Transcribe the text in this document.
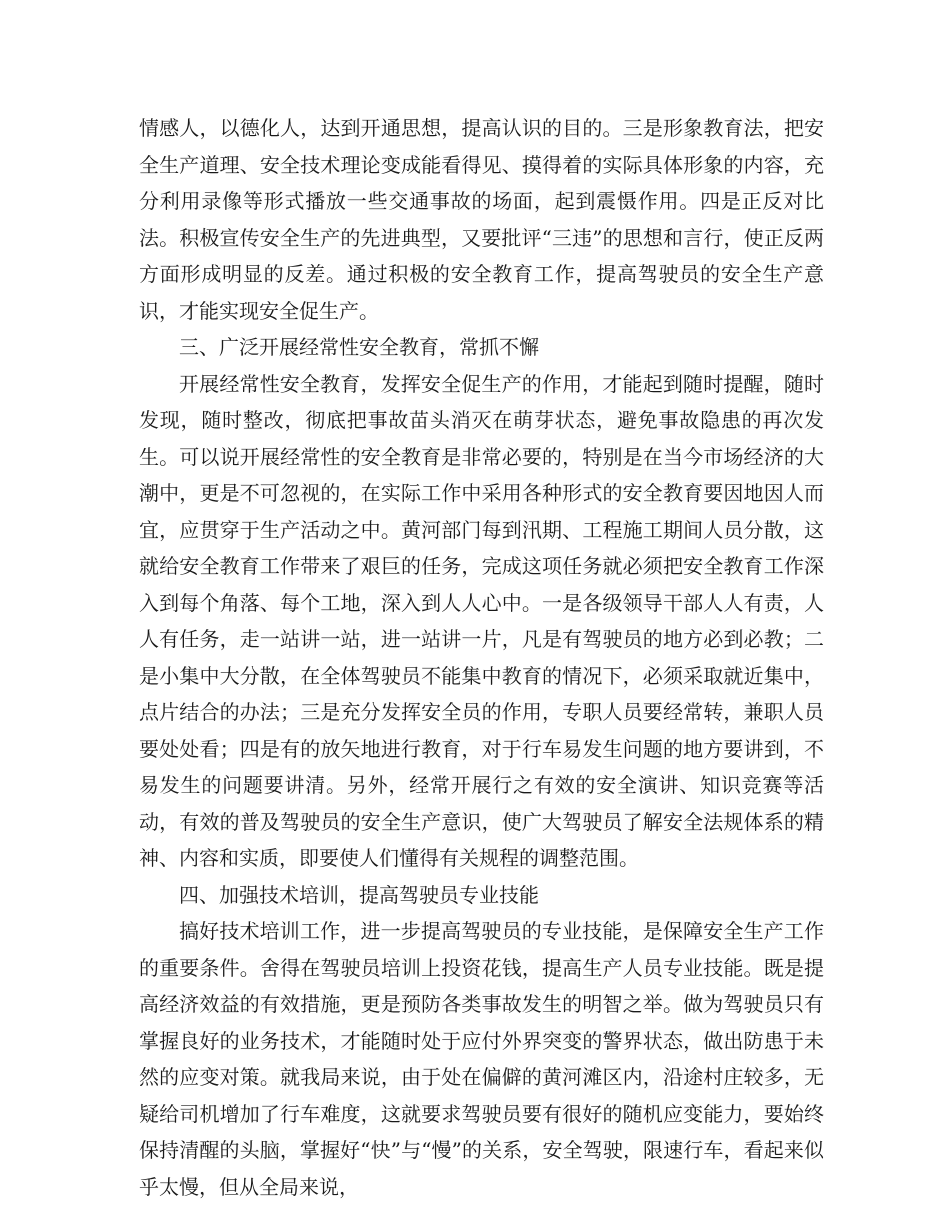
情感人，以德化人，达到开通思想，提高认识的目的。三是形象教育法，把安全生产道理、安全技术理论变成能看得见、摸得着的实际具体形象的内容，充分利用录像等形式播放一些交通事故的场面，起到震慑作用。四是正反对比法。积极宣传安全生产的先进典型，又要批评“三违”的思想和言行，使正反两方面形成明显的反差。通过积极的安全教育工作，提高驾驶员的安全生产意识，才能实现安全促生产。

三、广泛开展经常性安全教育，常抓不懈

开展经常性安全教育，发挥安全促生产的作用，才能起到随时提醒，随时发现，随时整改，彻底把事故苗头消灭在萌芽状态，避免事故隐患的再次发生。可以说开展经常性的安全教育是非常必要的，特别是在当今市场经济的大潮中，更是不可忽视的，在实际工作中采用各种形式的安全教育要因地因人而宜，应贯穿于生产活动之中。黄河部门每到汛期、工程施工期间人员分散，这就给安全教育工作带来了艰巨的任务，完成这项任务就必须把安全教育工作深入到每个角落、每个工地，深入到人人心中。一是各级领导干部人人有责，人人有任务，走一站讲一站，进一站讲一片，凡是有驾驶员的地方必到必教；二是小集中大分散，在全体驾驶员不能集中教育的情况下，必须采取就近集中，点片结合的办法；三是充分发挥安全员的作用，专职人员要经常转，兼职人员要处处看；四是有的放矢地进行教育，对于行车易发生问题的地方要讲到，不易发生的问题要讲清。另外，经常开展行之有效的安全演讲、知识竞赛等活动，有效的普及驾驶员的安全生产意识，使广大驾驶员了解安全法规体系的精神、内容和实质，即要使人们懂得有关规程的调整范围。

四、加强技术培训，提高驾驶员专业技能

搞好技术培训工作，进一步提高驾驶员的专业技能，是保障安全生产工作的重要条件。舍得在驾驶员培训上投资花钱，提高生产人员专业技能。既是提高经济效益的有效措施，更是预防各类事故发生的明智之举。做为驾驶员只有掌握良好的业务技术，才能随时处于应付外界突变的警界状态，做出防患于未然的应变对策。就我局来说，由于处在偏僻的黄河滩区内，沿途村庄较多，无疑给司机增加了行车难度，这就要求驾驶员要有很好的随机应变能力，要始终保持清醒的头脑，掌握好“快”与“慢”的关系，安全驾驶，限速行车，看起来似乎太慢，但从全局来说，
